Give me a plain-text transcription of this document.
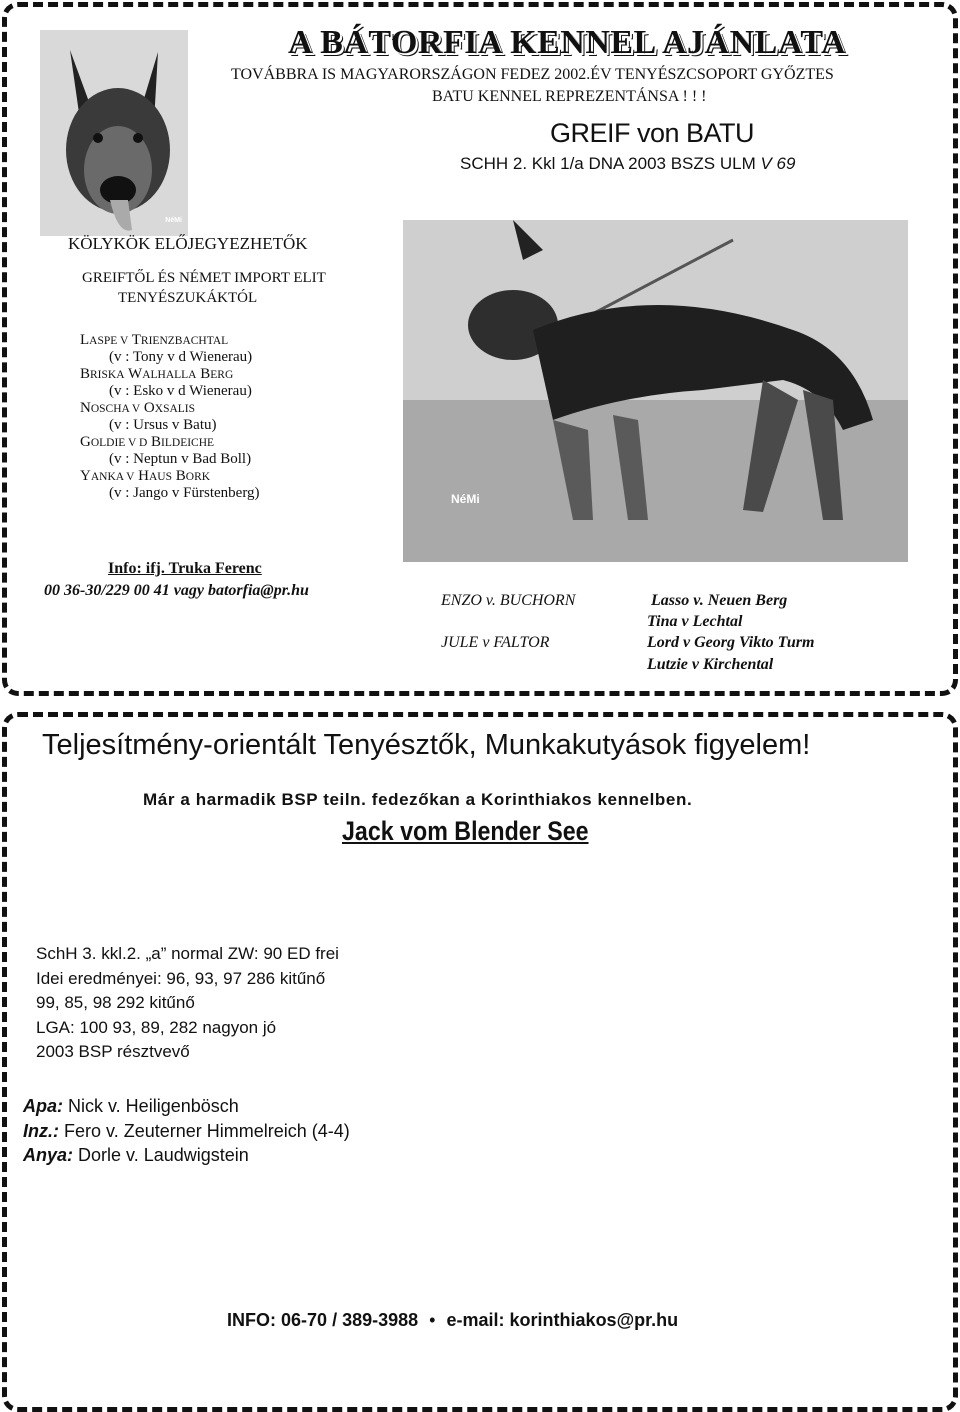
NéMi
A BÁTORFIA KENNEL AJÁNLATA
TOVÁBBRA IS MAGYARORSZÁGON FEDEZ 2002.ÉV TENYÉSZCSOPORT GYŐZTES
BATU KENNEL REPREZENTÁNSA ! ! !
GREIF von BATU
SCHH 2. Kkl 1/a DNA 2003 BSZS ULM V 69
KÖLYKÖK ELŐJEGYEZHETŐK
GREIFTŐL ÉS NÉMET IMPORT ELIT
TENYÉSZUKÁKTÓL
LASPE V TRIENZBACHTAL
(v : Tony v d Wienerau)
BRISKA WALHALLA BERG
(v : Esko v d Wienerau)
NOSCHA V OXSALIS
(v : Ursus v Batu)
GOLDIE V D BILDEICHE
(v : Neptun v Bad Boll)
YANKA V HAUS BORK
(v : Jango v Fürstenberg)
Info: ifj. Truka Ferenc
00 36-30/229 00 41 vagy batorfia@pr.hu
NéMi
ENZO v. BUCHORN
JULE v FALTOR
Lasso v. Neuen Berg
Tina v Lechtal
Lord v Georg Vikto Turm
Lutzie v Kirchental
Teljesítmény-orientált Tenyésztők, Munkakutyások figyelem!
Már a harmadik BSP teiln. fedezőkan a Korinthiakos kennelben.
Jack vom Blender See
SchH 3. kkl.2. „a” normal ZW: 90 ED frei
Idei eredményei: 96, 93, 97 286 kitűnő
99, 85, 98 292 kitűnő
LGA: 100 93, 89, 282 nagyon jó
2003 BSP résztvevő
Apa: Nick v. Heiligenbösch
Inz.: Fero v. Zeuterner Himmelreich (4-4)
Anya: Dorle v. Laudwigstein
INFO: 06-70 / 389-3988 • e-mail: korinthiakos@pr.hu
